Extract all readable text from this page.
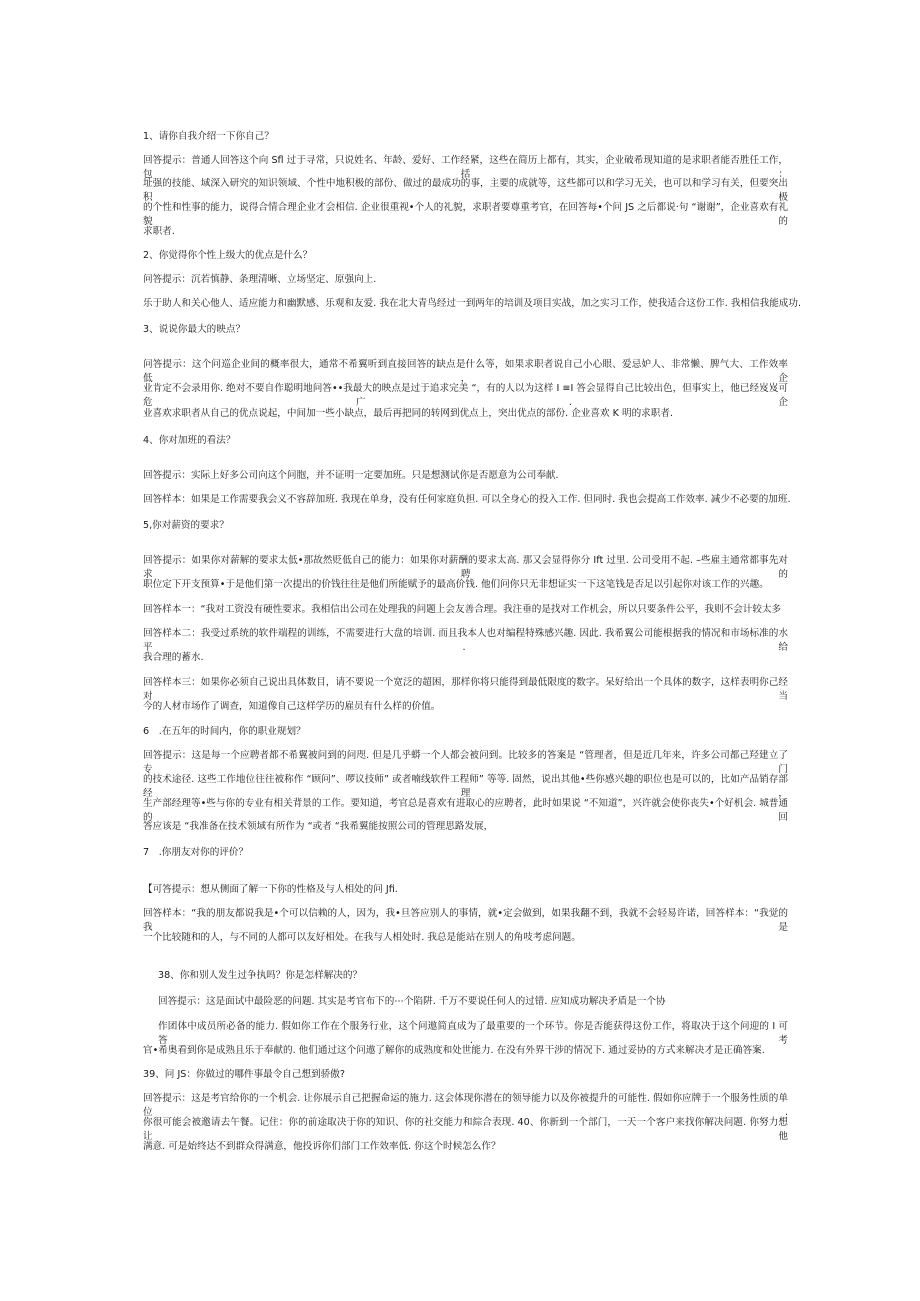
1、请你自我介绍一下你自己？
回答提示：普通人回答这个向 Sfl 过于寻常，只说姓名、年龄、爱好、工作经紧，这些在简历上都有，其实，企业破希现知道的是求职者能否胜任工作，包括：
址强的技能、域深入研究的知识领域、个性中地积极的部份、做过的最成功的事，主要的成就等，这些都可以和学习无关，也可以和学习有关，但要突出积极
的个性和性事的能力，说得合情合理企业才会相信. 企业很重视•个人的礼貌，求职者要尊重考官，在回答每•个问 JS 之后都说·句 “谢谢”，企业喜欢有礼貌的
求职者.
2、你觉得你个性上级大的优点是什么？
问答提示：沉若慎静、条理清晰、立场坚定、原强向上.
乐于助人和关心他人、适应能力和幽默感、乐观和友爱. 我在北大青鸟经过一到两年的培训及项目实战，加之实习工作，使我适合这份工作. 我相信我能成功.
3、说说你最大的映点？
问答提示：这个问巡企业间的概率很大，通常不希翼听到直接回答的缺点是什么等，如果求职者说自己小心眼、爱忌妒人、非常懒、脾气大、工作效率低，企
业肯定不会录用你. 绝对不要自作聪明地问答••我最大的映点是过于追求完美 “，有的人以为这样 I ≡I 答会显得自己比较出色，但事实上，他已经岌岌可危广. 企
业喜欢求职者从自己的优点说起，中间加一些小缺点，最后再把同的转网到优点上，突出优点的部份. 企业喜欢 K 明的求职者.
4、你对加班的看法？
回答提示：实际上好多公司向这个问胞，并不证明一定要加班。只是想测试你是否愿意为公司奉献.
回答样本：如果是工作需要我会义不容辞加班. 我现在单身，没有任何家庭负担. 可以全身心的投入工作. 但同时. 我也会提高工作效率. 减少不必要的加班.
5,你对薪资的要求？
回答提示：如果你对薪解的要求太低•那故然贬低自己的能力：如果你对薪酬的要求太高. 那又会显得你分 Ift 过里. 公司受用不起. –些雇主通常都事先对求聘的
职位定下开支预算•于是他们第一次提出的价钱往往是他们所能赋予的最高价钱. 他们问你只无非想证实一下这笔钱是否足以引起你对该工作的兴趣。
回答样本一：“我对工资没有硬性要求。我相信出公司在处理我的问题上会友善合理。我注垂的是找对工作机会，所以只要条件公平，我则不会计较太多
回答样本二：我受过系统的软件端程的训练，不需要进行大盘的培训. 而且我本人也对编程特殊感兴趣. 因此. 我希翼公司能根据我的情况和市场标准的水平. 给
我合理的蓄水.
回答样本三：如果你必须自己说出具体数目，请不要说一个宽泛的超困，那样你将只能得到最低限度的数字。呆好给出一个具体的数字，这样表明你己经对当
今的人材市场作了调查，知道像自己这样学历的雇员有什么样的价值。
6　.在五年的时间内，你的职业规划？
回答提示：这是每一个应聘者都不希翼被问到的问咫. 但是几乎蟒一个人都会被问到。比较多的答案是 “管理者，但是近几年来，许多公司都己羟建立了专门
的技术途径. 这些工作地位往往被称作 “顾问”、啰议技师” 或者喃线软件工程师” 等等. 固然，说出其他•些你感兴趣的职位也是可以的，比如产品销存部经理，
生产部经理等•些与你的专业有相关背景的工作。要知道，考官总是喜欢有进取心的应聘者，此时如果说 “不知道”，兴许就会使你丧失•个好机会. 城普通的回
答应该是 “我准备在技术领域有所作为 “或者 “我希翼能按照公司的管理思路发展，
7　.你朋友对你的评价？
【可答提示：想从侧面了解一下你的性格及与人相处的问 Jfi.
回答样本：“我的朋友都说我是•个可以信赖的人，因为，我•旦答应别人的事情，就•定会做到，如果我翻不到，我就不会轻易许诺，回答样本：“我觉的我是
一个比较随和的人，与不同的人都可以友好相处。在我与人相处时. 我总是能站在别人的角吱考虑问题。
38、你和别人发生过争执吗？你是怎样解决的？
回答提示：这是面试中最险恶的问题. 其实是考官布下的⋯个陷阱. 千万不要说任何人的过错. 应知成功解决矛盾是一个协
作团体中成员所必备的能力. 假如你工作在个服务行业，这个问遨简直成为了最重要的一个环节。你是否能获得这份工作，将取决于这个问迎的 I 可答. 考
官•希奥看到你是成熟且乐于奉献的. 他们通过这个问遨了解你的成熟度和处世能力. 在没有外界干涉的情况下. 通过妥协的方式来解决才是正确答案.
39、问 JS：你做过的哪件事最令自己想到骄傲?
回答提示：这是考官给你的一个机会. 让你展示自己把握命运的施力. 这会体现你潜在的领导能力以及你被提升的可能性. 假如你应牌于一个服务性质的单位.
你很可能会被邀请去午餐。记住：你的前途取决于你的知识、你的社交能力和綜合表现. 40、你新到一个部门，一天一个客户来找你解决问题. 你努力想让他
满意. 可是始终达不到群众得满意，他投诉你们部门工作效率低. 你这个时候怎么作？
